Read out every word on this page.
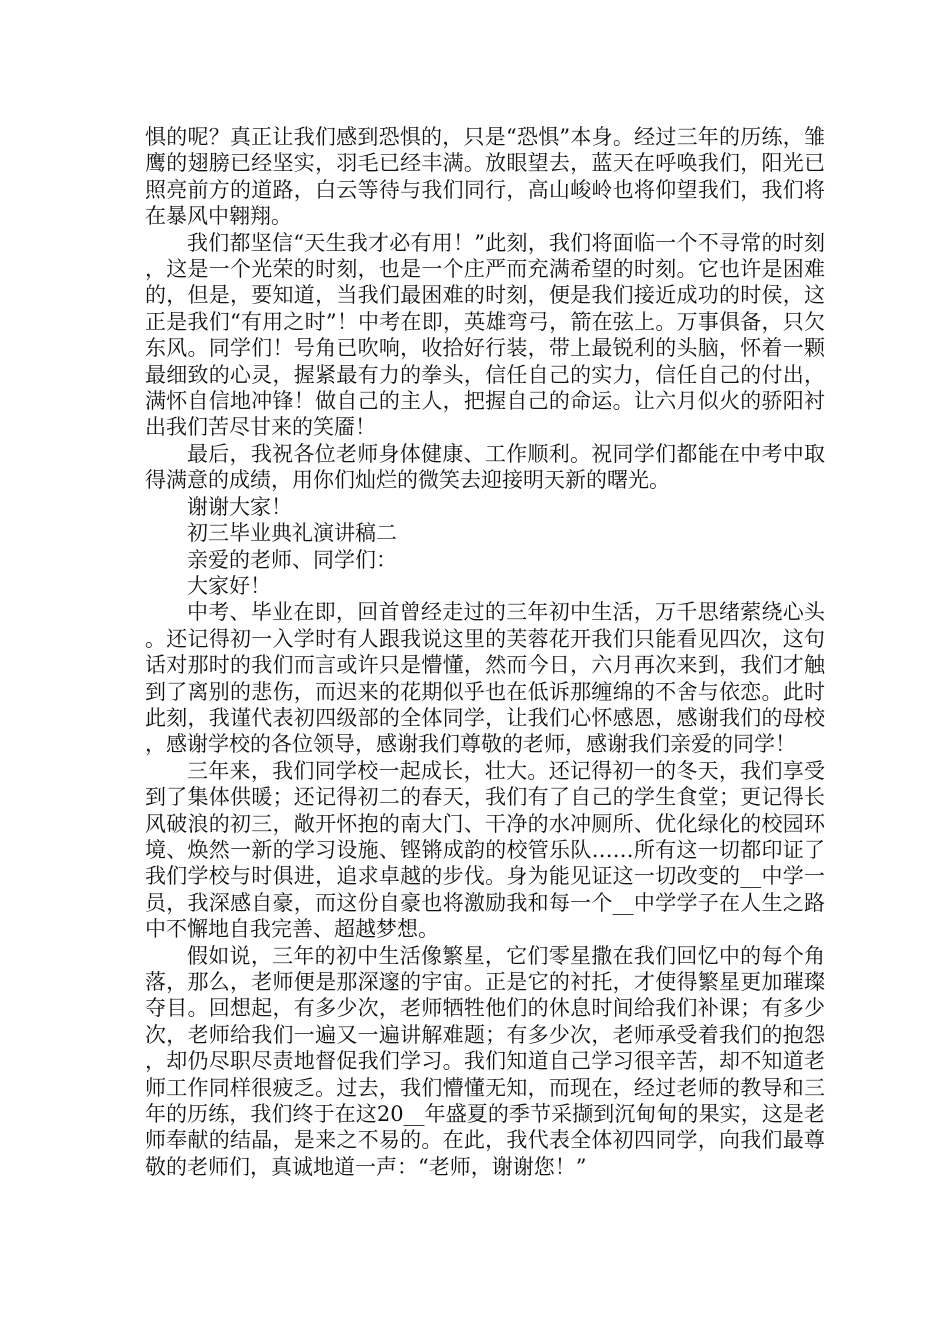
惧的呢？真正让我们感到恐惧的，只是“恐惧”本身。经过三年的历练，雏鹰的翅膀已经坚实，羽毛已经丰满。放眼望去，蓝天在呼唤我们，阳光已照亮前方的道路，白云等待与我们同行，高山峻岭也将仰望我们，我们将在暴风中翱翔。

我们都坚信“天生我才必有用！”此刻，我们将面临一个不寻常的时刻，这是一个光荣的时刻，也是一个庄严而充满希望的时刻。它也许是困难的，但是，要知道，当我们最困难的时刻，便是我们接近成功的时侯，这正是我们“有用之时”！中考在即，英雄弯弓，箭在弦上。万事俱备，只欠东风。同学们！号角已吹响，收拾好行装，带上最锐利的头脑，怀着一颗最细致的心灵，握紧最有力的拳头，信任自己的实力，信任自己的付出，满怀自信地冲锋！做自己的主人，把握自己的命运。让六月似火的骄阳衬出我们苦尽甘来的笑靥！

最后，我祝各位老师身体健康、工作顺利。祝同学们都能在中考中取得满意的成绩，用你们灿烂的微笑去迎接明天新的曙光。

谢谢大家！

初三毕业典礼演讲稿二

亲爱的老师、同学们：

大家好！

中考、毕业在即，回首曾经走过的三年初中生活，万千思绪萦绕心头。还记得初一入学时有人跟我说这里的芙蓉花开我们只能看见四次，这句话对那时的我们而言或许只是懵懂，然而今日，六月再次来到，我们才触到了离别的悲伤，而迟来的花期似乎也在低诉那缠绵的不舍与依恋。此时此刻，我谨代表初四级部的全体同学，让我们心怀感恩，感谢我们的母校，感谢学校的各位领导，感谢我们尊敬的老师，感谢我们亲爱的同学！

三年来，我们同学校一起成长，壮大。还记得初一的冬天，我们享受到了集体供暖；还记得初二的春天，我们有了自己的学生食堂；更记得长风破浪的初三，敞开怀抱的南大门、干净的水冲厕所、优化绿化的校园环境、焕然一新的学习设施、铿锵成韵的校管乐队……所有这一切都印证了我们学校与时俱进，追求卓越的步伐。身为能见证这一切改变的__中学一员，我深感自豪，而这份自豪也将激励我和每一个__中学学子在人生之路中不懈地自我完善、超越梦想。

假如说，三年的初中生活像繁星，它们零星撒在我们回忆中的每个角落，那么，老师便是那深邃的宇宙。正是它的衬托，才使得繁星更加璀璨夺目。回想起，有多少次，老师牺牲他们的休息时间给我们补课；有多少次，老师给我们一遍又一遍讲解难题；有多少次，老师承受着我们的抱怨，却仍尽职尽责地督促我们学习。我们知道自己学习很辛苦，却不知道老师工作同样很疲乏。过去，我们懵懂无知，而现在，经过老师的教导和三年的历练，我们终于在这20__年盛夏的季节采撷到沉甸甸的果实，这是老师奉献的结晶，是来之不易的。在此，我代表全体初四同学，向我们最尊敬的老师们，真诚地道一声：“老师，谢谢您！”
